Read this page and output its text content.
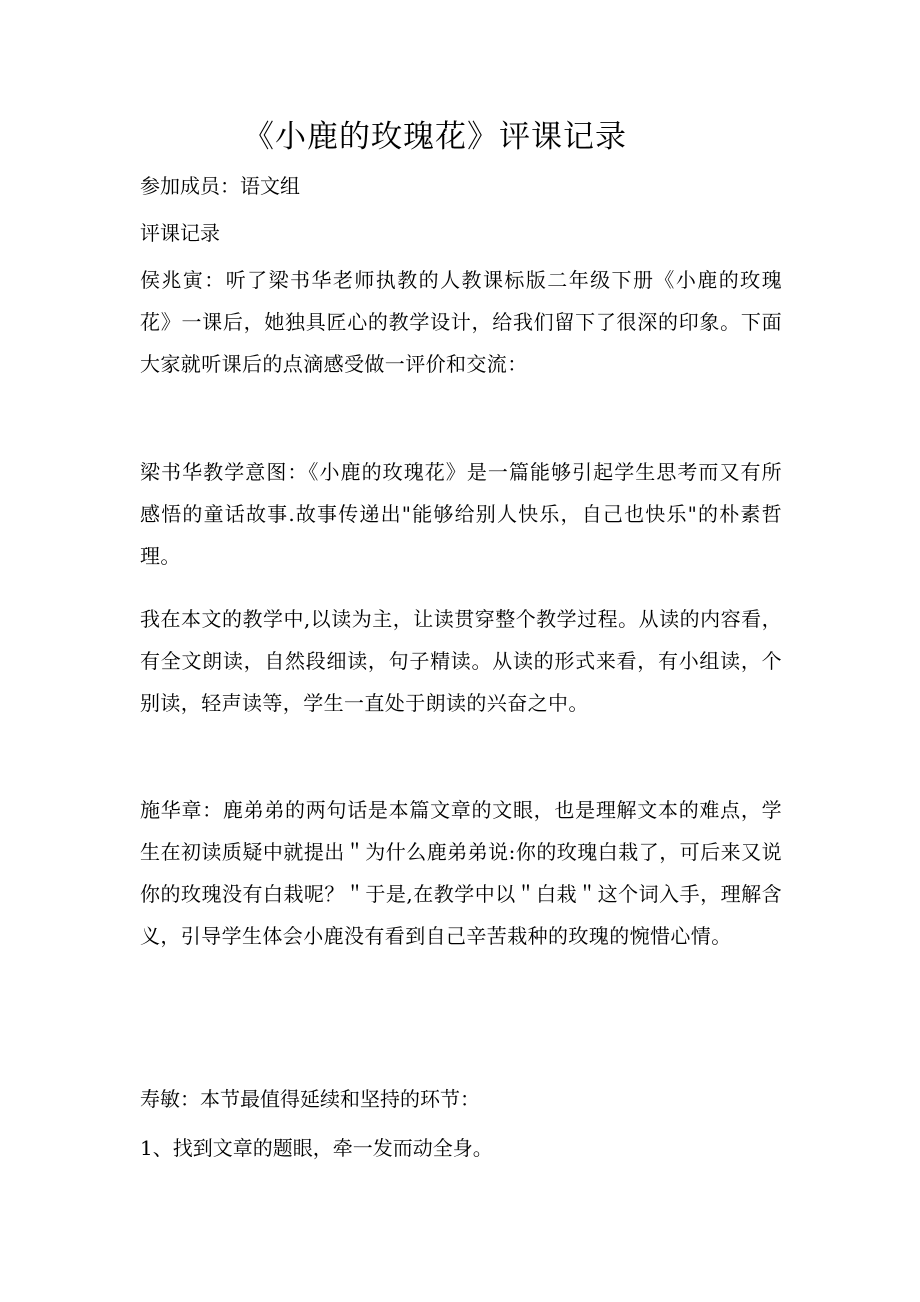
《小鹿的玫瑰花》评课记录

参加成员：语文组

评课记录

侯兆寅：听了梁书华老师执教的人教课标版二年级下册《小鹿的玫瑰花》一课后，她独具匠心的教学设计，给我们留下了很深的印象。下面大家就听课后的点滴感受做一评价和交流：

梁书华教学意图：《小鹿的玫瑰花》是一篇能够引起学生思考而又有所感悟的童话故事.故事传递出"能够给别人快乐，自己也快乐"的朴素哲理。

我在本文的教学中,以读为主，让读贯穿整个教学过程。从读的内容看，有全文朗读，自然段细读，句子精读。从读的形式来看，有小组读，个别读，轻声读等，学生一直处于朗读的兴奋之中。

施华章：鹿弟弟的两句话是本篇文章的文眼，也是理解文本的难点，学生在初读质疑中就提出＂为什么鹿弟弟说:你的玫瑰白栽了，可后来又说你的玫瑰没有白栽呢？＂于是,在教学中以＂白栽＂这个词入手，理解含义，引导学生体会小鹿没有看到自己辛苦栽种的玫瑰的惋惜心情。

寿敏：本节最值得延续和坚持的环节：

1、找到文章的题眼，牵一发而动全身。
